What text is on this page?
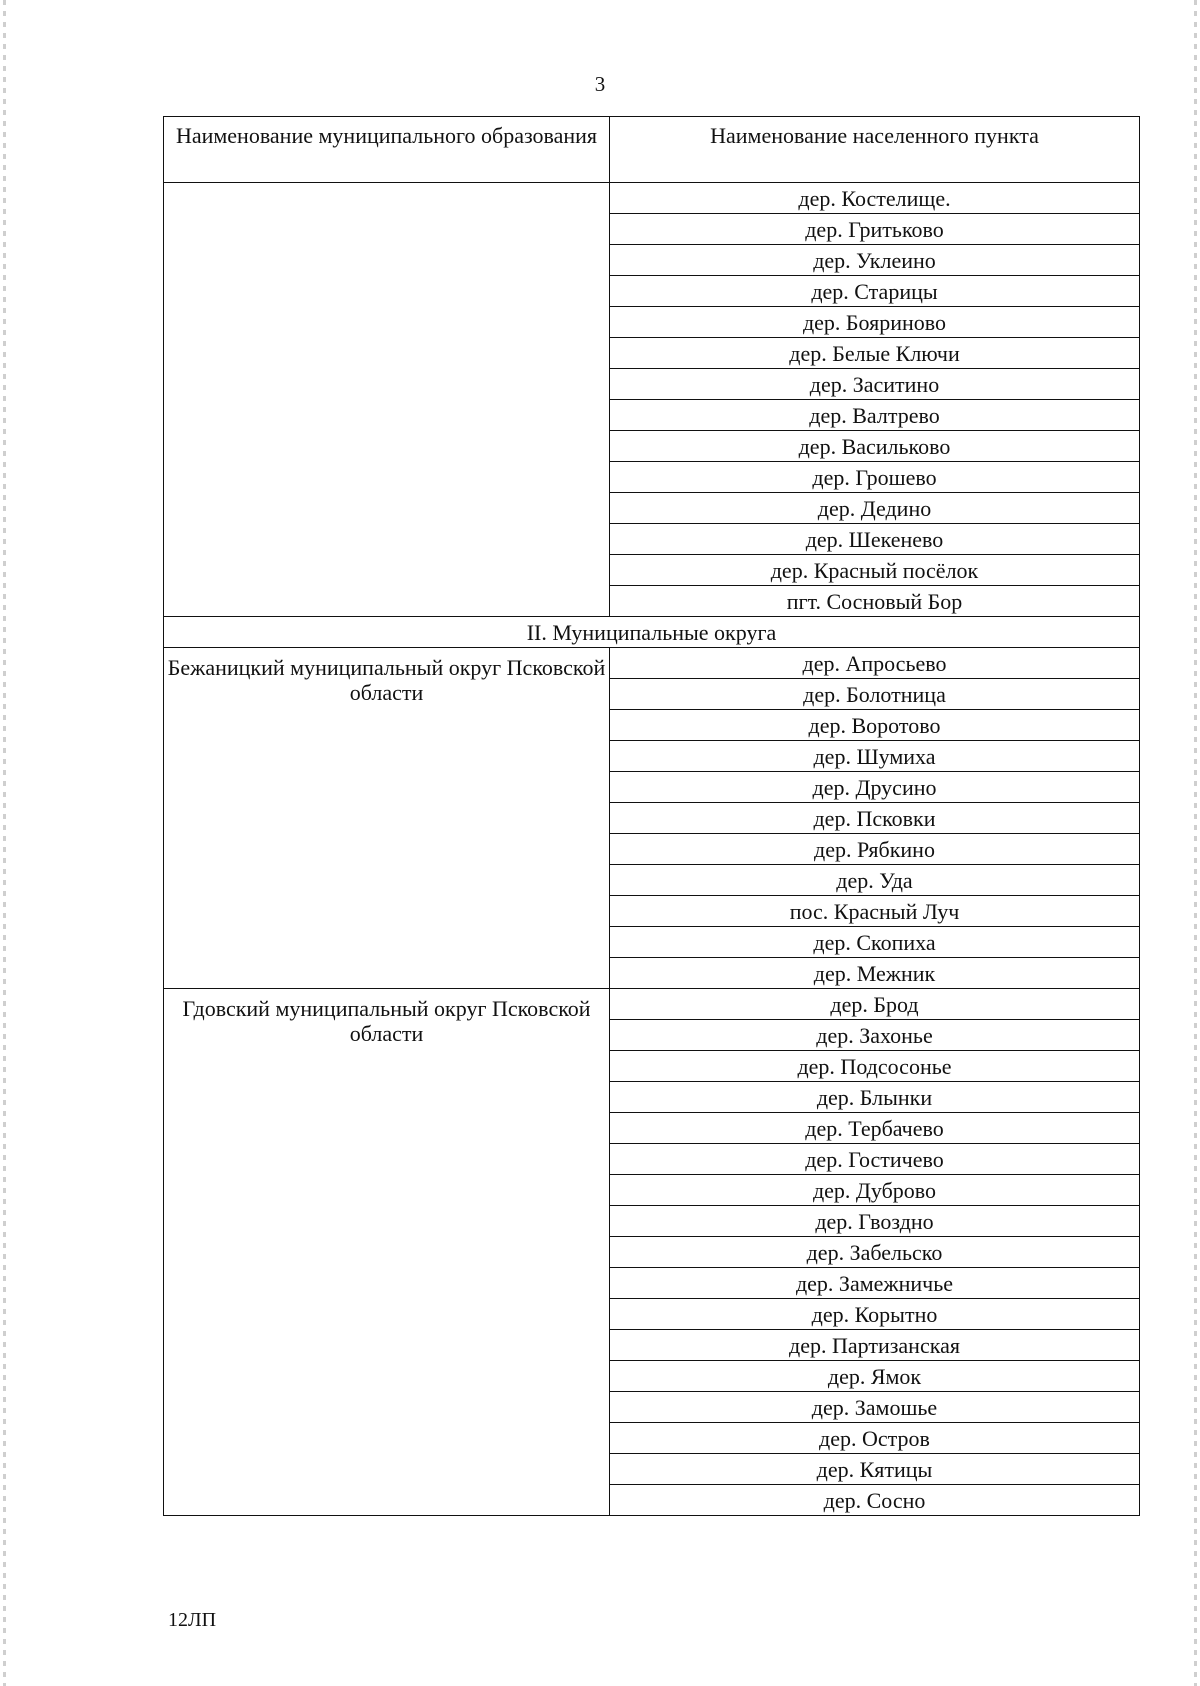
3
Наименование муниципального образования	Наименование населенного пункта
	дер. Костелище.
	дер. Гритьково
	дер. Уклеино
	дер. Старицы
	дер. Бояриново
	дер. Белые Ключи
	дер. Заситино
	дер. Валтрево
	дер. Васильково
	дер. Грошево
	дер. Дедино
	дер. Шекенево
	дер. Красный посёлок
	пгт. Сосновый Бор
II. Муниципальные округа	
Бежаницкий муниципальный округ Псковской области	дер. Апросьево
	дер. Болотница
	дер. Воротово
	дер. Шумиха
	дер. Друсино
	дер. Псковки
	дер. Рябкино
	дер. Уда
	пос. Красный Луч
	дер. Скопиха
	дер. Межник
Гдовский муниципальный округ Псковской области	дер. Брод
	дер. Захонье
	дер. Подсосонье
	дер. Блынки
	дер. Тербачево
	дер. Гостичево
	дер. Дуброво
	дер. Гвоздно
	дер. Забельско
	дер. Замежничье
	дер. Корытно
	дер. Партизанская
	дер. Ямок
	дер. Замошье
	дер. Остров
	дер. Кятицы
	дер. Сосно
12ЛП
